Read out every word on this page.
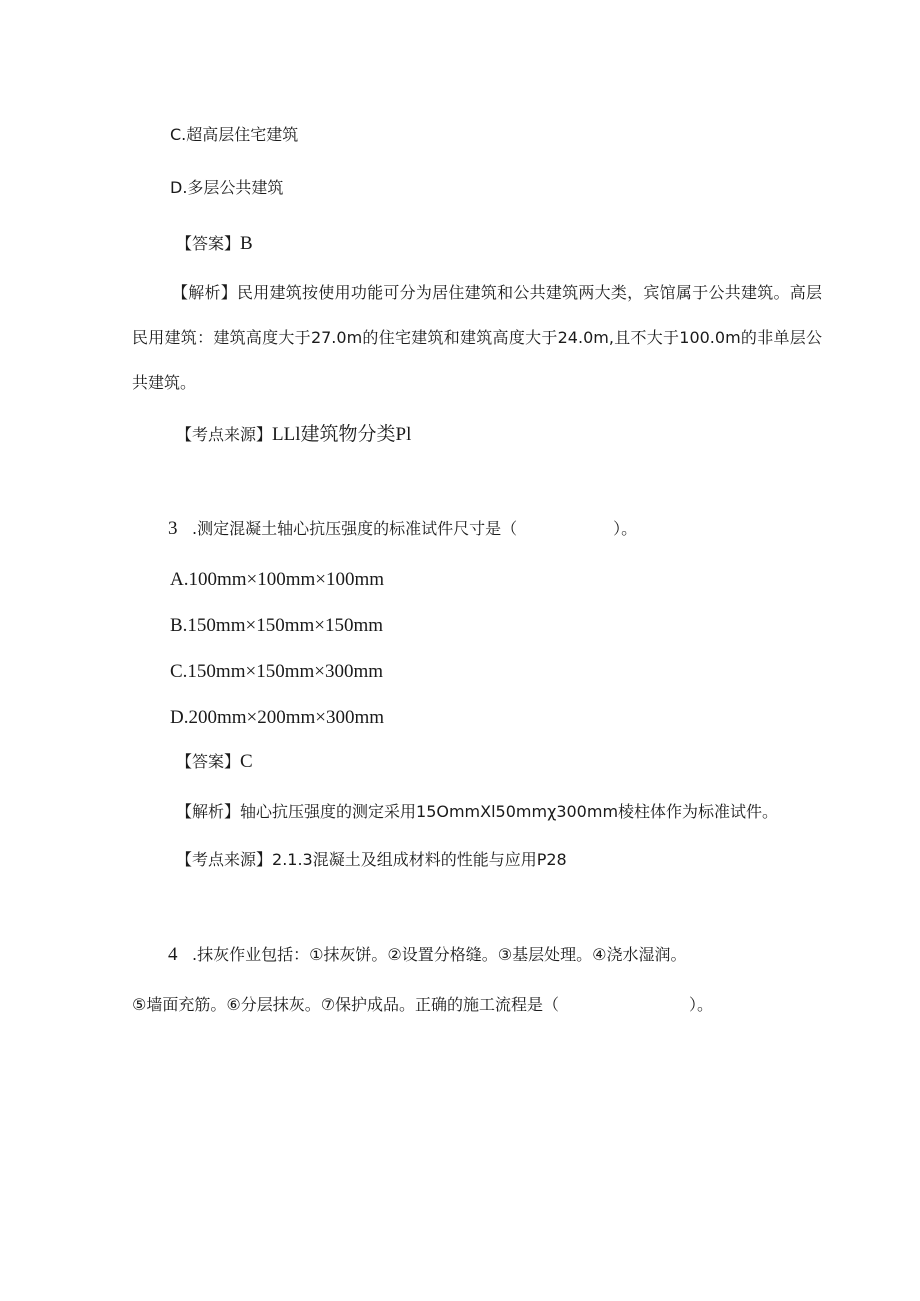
C.超高层住宅建筑
D.多层公共建筑
【答案】B
【解析】民用建筑按使用功能可分为居住建筑和公共建筑两大类，宾馆属于公共建筑。高层民用建筑：建筑高度大于27.0m的住宅建筑和建筑高度大于24.0m,且不大于100.0m的非单层公共建筑。
【考点来源】LLl建筑物分类Pl
3 .测定混凝土轴心抗压强度的标准试件尺寸是（	）。
A.100mm×100mm×100mm
B.150mm×150mm×150mm
C.150mm×150mm×300mm
D.200mm×200mm×300mm
【答案】C
【解析】轴心抗压强度的测定采用15OmmXl50mmχ300mm棱柱体作为标准试件。
【考点来源】2.1.3混凝土及组成材料的性能与应用P28
4 .抹灰作业包括：①抹灰饼。②设置分格缝。③基层处理。④浇水湿润。
⑤墙面充筋。⑥分层抹灰。⑦保护成品。正确的施工流程是（	）。
